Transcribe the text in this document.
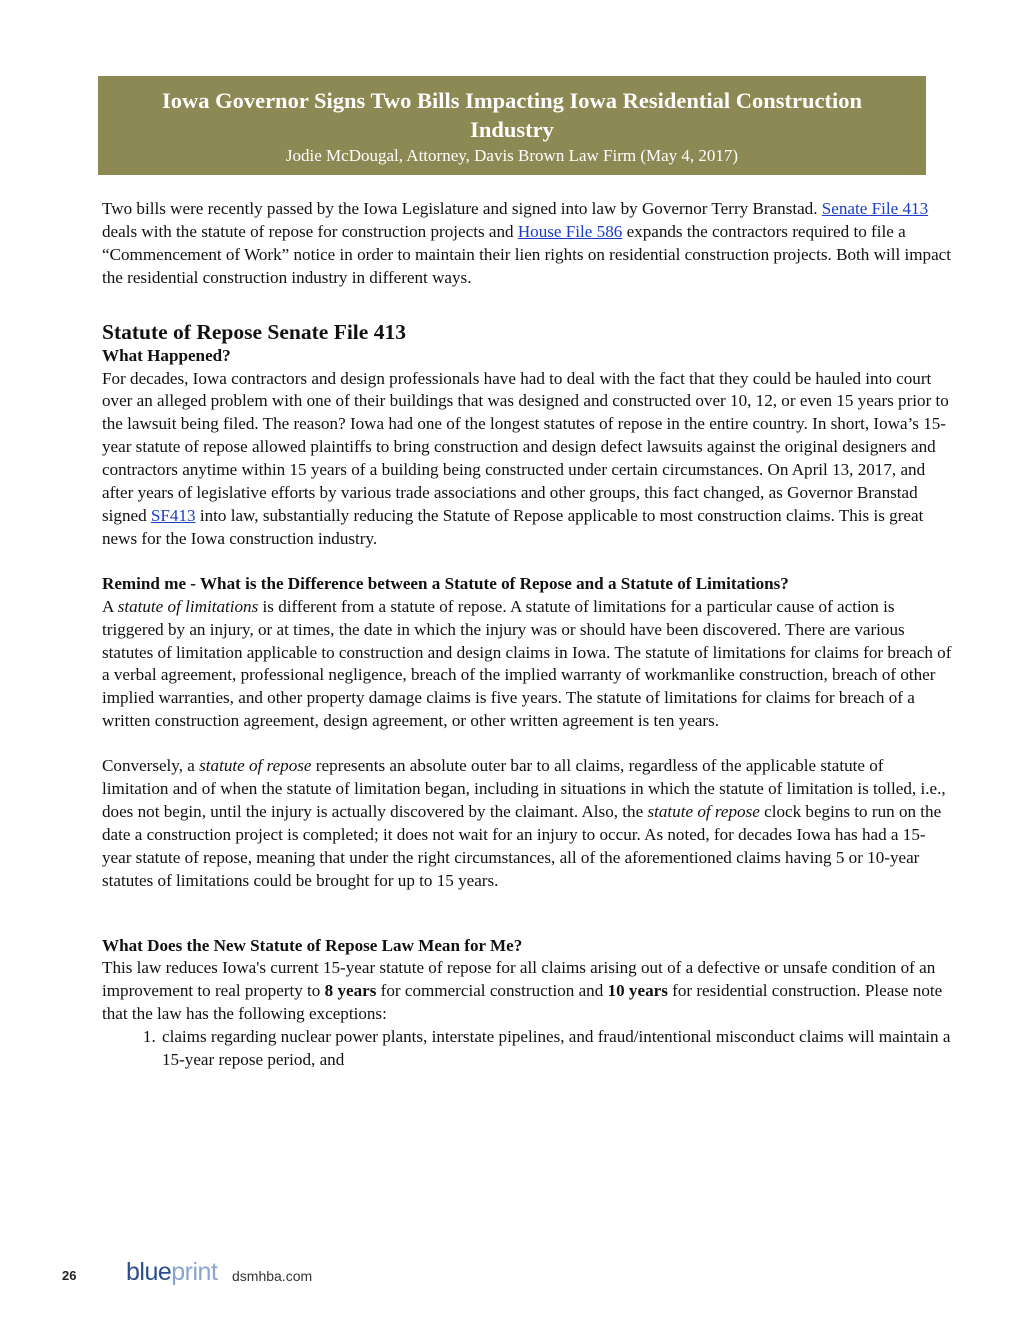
Iowa Governor Signs Two Bills Impacting Iowa Residential Construction Industry
Jodie McDougal, Attorney, Davis Brown Law Firm (May 4, 2017)

Two bills were recently passed by the Iowa Legislature and signed into law by Governor Terry Branstad. Senate File 413 deals with the statute of repose for construction projects and House File 586 expands the contractors required to file a “Commencement of Work” notice in order to maintain their lien rights on residential construction projects. Both will impact the residential construction industry in different ways.

Statute of Repose Senate File 413
What Happened?

For decades, Iowa contractors and design professionals have had to deal with the fact that they could be hauled into court over an alleged problem with one of their buildings that was designed and constructed over 10, 12, or even 15 years prior to the lawsuit being filed. The reason? Iowa had one of the longest statutes of repose in the entire country. In short, Iowa’s 15-year statute of repose allowed plaintiffs to bring construction and design defect lawsuits against the original designers and contractors anytime within 15 years of a building being constructed under certain circumstances. On April 13, 2017, and after years of legislative efforts by various trade associations and other groups, this fact changed, as Governor Branstad signed SF413 into law, substantially reducing the Statute of Repose applicable to most construction claims. This is great news for the Iowa construction industry.

Remind me - What is the Difference between a Statute of Repose and a Statute of Limitations?

A statute of limitations is different from a statute of repose. A statute of limitations for a particular cause of action is triggered by an injury, or at times, the date in which the injury was or should have been discovered. There are various statutes of limitation applicable to construction and design claims in Iowa. The statute of limitations for claims for breach of a verbal agreement, professional negligence, breach of the implied warranty of workmanlike construction, breach of other implied warranties, and other property damage claims is five years. The statute of limitations for claims for breach of a written construction agreement, design agreement, or other written agreement is ten years.

Conversely, a statute of repose represents an absolute outer bar to all claims, regardless of the applicable statute of limitation and of when the statute of limitation began, including in situations in which the statute of limitation is tolled, i.e., does not begin, until the injury is actually discovered by the claimant. Also, the statute of repose clock begins to run on the date a construction project is completed; it does not wait for an injury to occur. As noted, for decades Iowa has had a 15-year statute of repose, meaning that under the right circumstances, all of the aforementioned claims having 5 or 10-year statutes of limitations could be brought for up to 15 years.

What Does the New Statute of Repose Law Mean for Me?

This law reduces Iowa's current 15-year statute of repose for all claims arising out of a defective or unsafe condition of an improvement to real property to 8 years for commercial construction and 10 years for residential construction. Please note that the law has the following exceptions:

1. claims regarding nuclear power plants, interstate pipelines, and fraud/intentional misconduct claims will maintain a 15-year repose period, and
26 blueprint dsmhba.com
